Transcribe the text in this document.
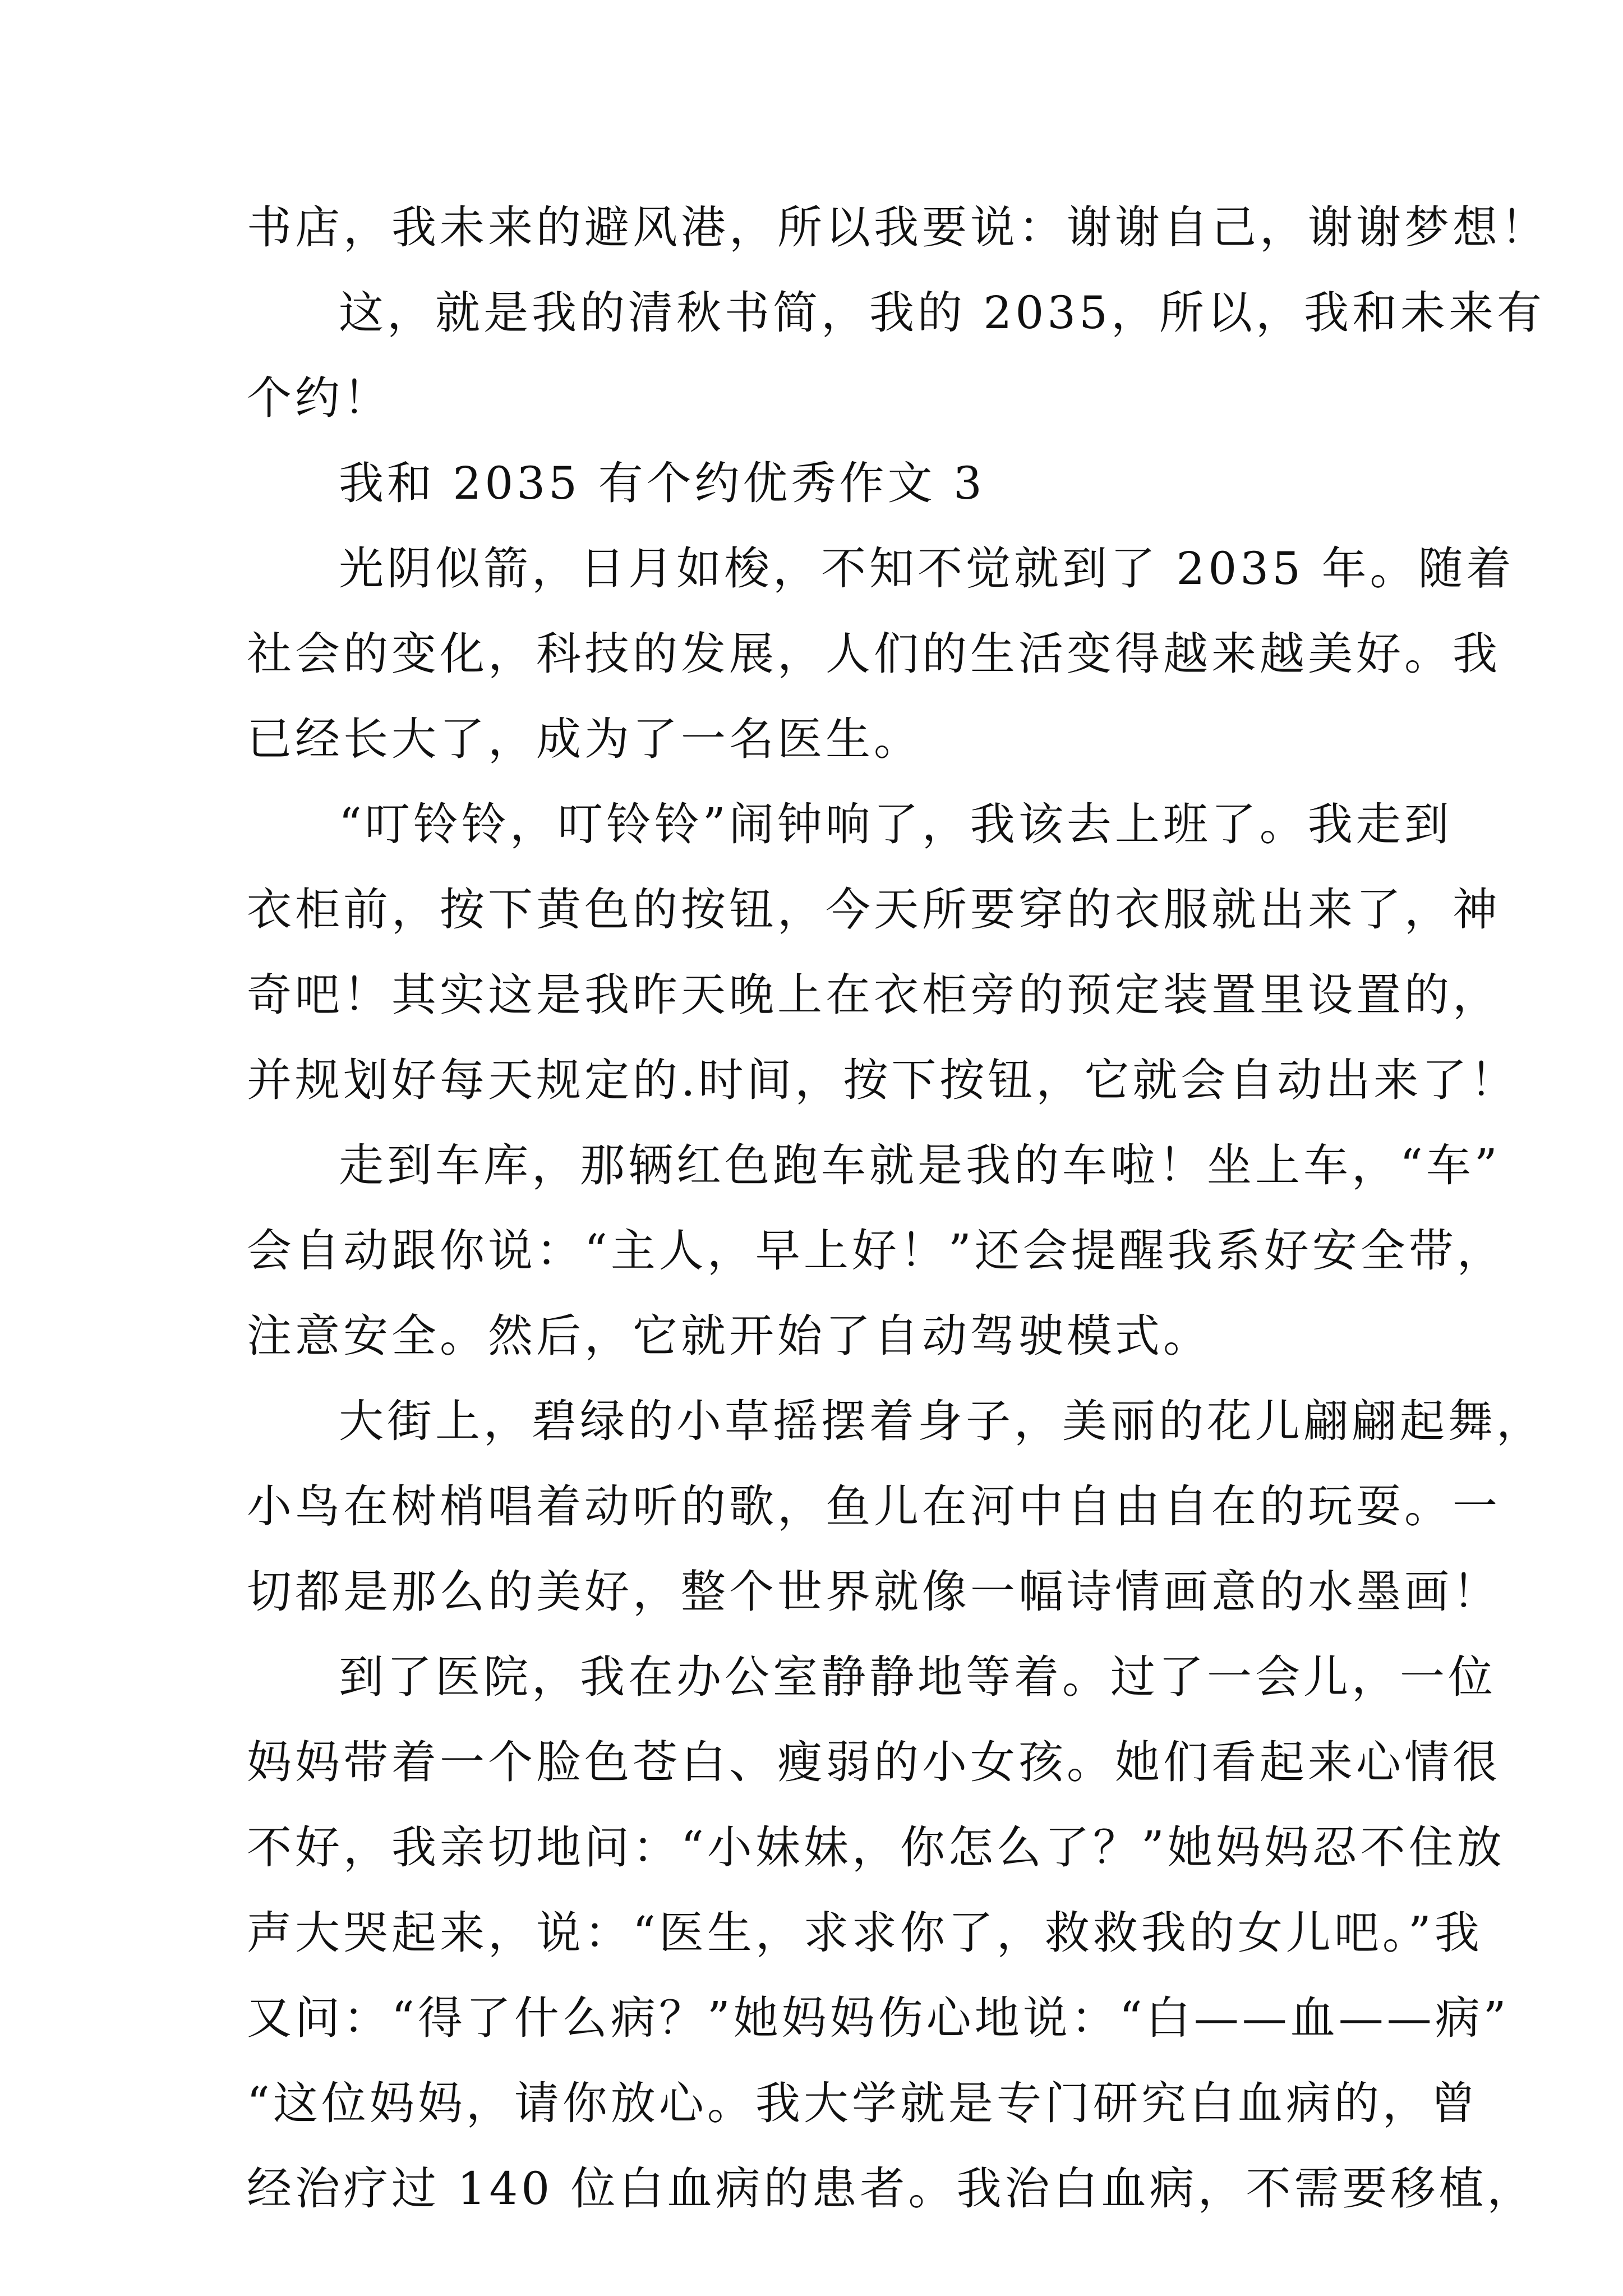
书店，我未来的避风港，所以我要说：谢谢自己，谢谢梦想！
这，就是我的清秋书简，我的 2035，所以，我和未来有
个约！
我和 2035 有个约优秀作文 3
光阴似箭，日月如梭，不知不觉就到了 2035 年。随着
社会的变化，科技的发展，人们的生活变得越来越美好。我
已经长大了，成为了一名医生。
“叮铃铃，叮铃铃”闹钟响了，我该去上班了。我走到
衣柜前，按下黄色的按钮，今天所要穿的衣服就出来了，神
奇吧！其实这是我昨天晚上在衣柜旁的预定装置里设置的，
并规划好每天规定的.时间，按下按钮，它就会自动出来了！
走到车库，那辆红色跑车就是我的车啦！坐上车，“车”
会自动跟你说：“主人，早上好！”还会提醒我系好安全带，
注意安全。然后，它就开始了自动驾驶模式。
大街上，碧绿的小草摇摆着身子，美丽的花儿翩翩起舞，
小鸟在树梢唱着动听的歌，鱼儿在河中自由自在的玩耍。一
切都是那么的美好，整个世界就像一幅诗情画意的水墨画！
到了医院，我在办公室静静地等着。过了一会儿，一位
妈妈带着一个脸色苍白、瘦弱的小女孩。她们看起来心情很
不好，我亲切地问：“小妹妹，你怎么了？”她妈妈忍不住放
声大哭起来，说：“医生，求求你了，救救我的女儿吧。”我
又问：“得了什么病？”她妈妈伤心地说：“白——血——病”
“这位妈妈，请你放心。我大学就是专门研究白血病的，曾
经治疗过 140 位白血病的患者。我治白血病，不需要移植，
